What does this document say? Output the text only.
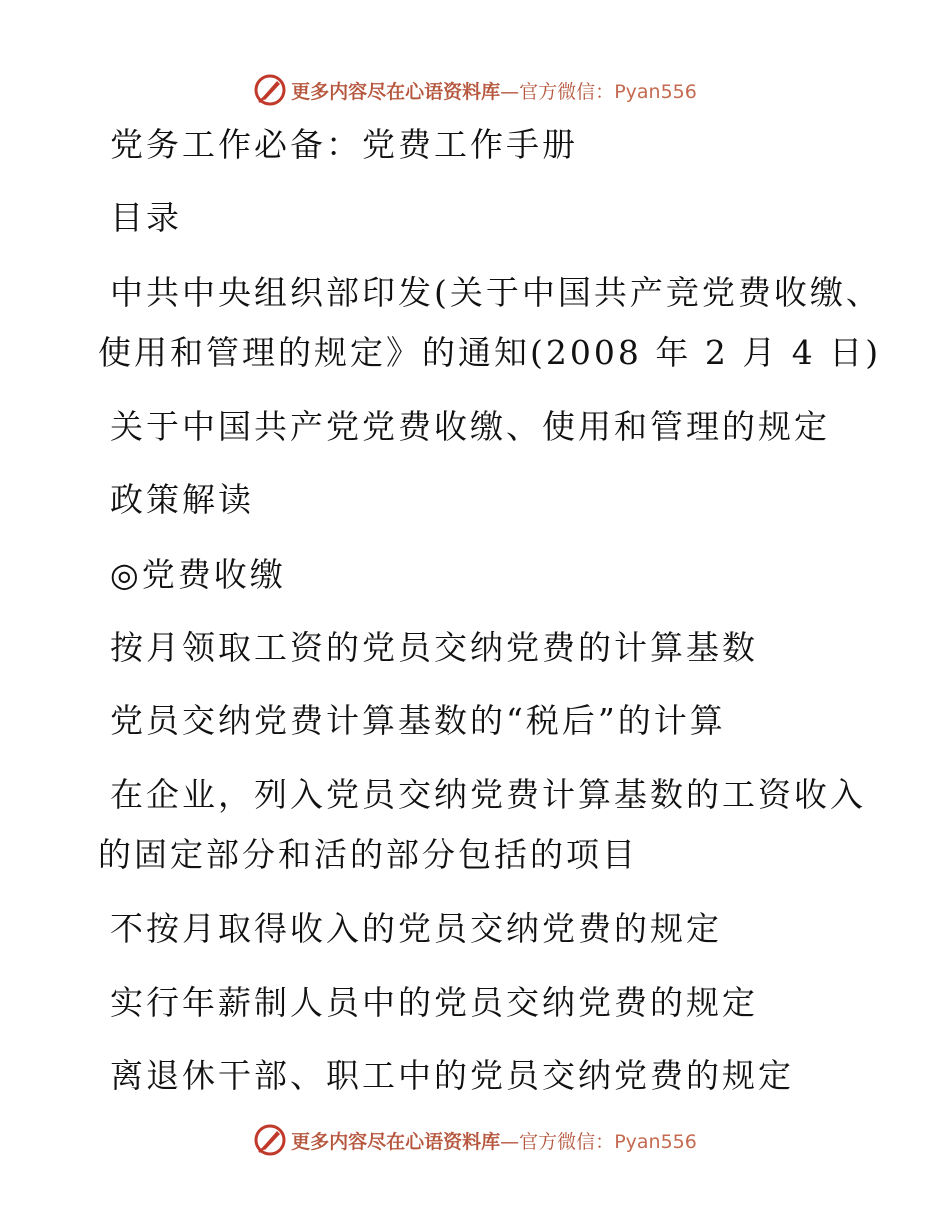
更多内容尽在心语资料库—官方微信：Pyan556
党务工作必备：党费工作手册
目录
中共中央组织部印发(关于中国共产竞党费收缴、
使用和管理的规定》的通知(2008 年 2 月 4 日)
关于中国共产党党费收缴、使用和管理的规定
政策解读
◎党费收缴
按月领取工资的党员交纳党费的计算基数
党员交纳党费计算基数的“税后”的计算
在企业，列入党员交纳党费计算基数的工资收入
的固定部分和活的部分包括的项目
不按月取得收入的党员交纳党费的规定
实行年薪制人员中的党员交纳党费的规定
离退休干部、职工中的党员交纳党费的规定
更多内容尽在心语资料库—官方微信：Pyan556
